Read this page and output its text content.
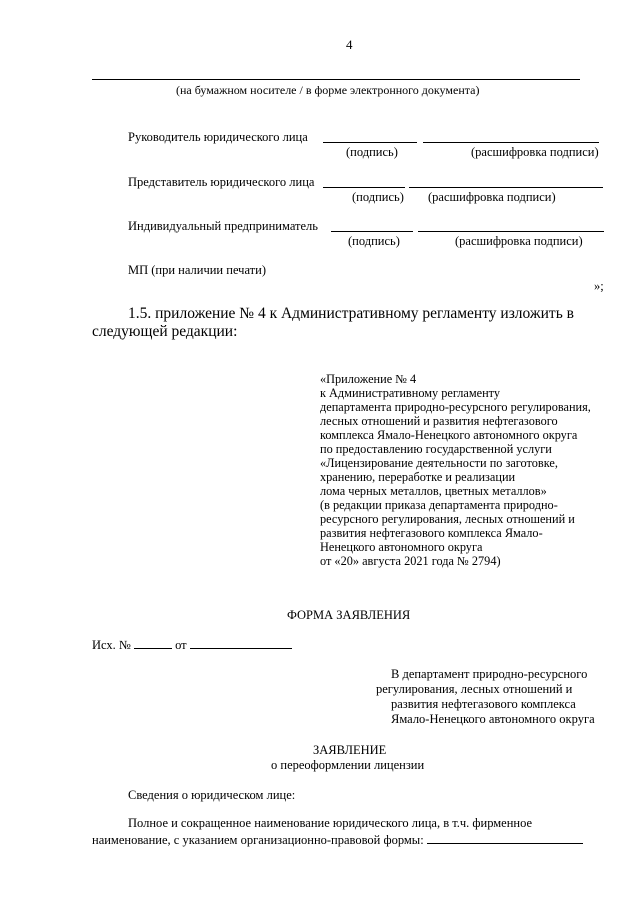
4
(на бумажном носителе / в форме электронного документа)
Руководитель юридического лица
(подпись)	(расшифровка подписи)
Представитель юридического лица
(подпись) (расшифровка подписи)
Индивидуальный предприниматель
(подпись)	(расшифровка подписи)
МП (при наличии печати)
»;
1.5. приложение № 4 к Административному регламенту изложить в
следующей редакции:
«Приложение № 4
к Административному регламенту
департамента природно-ресурсного регулирования,
лесных отношений и развития нефтегазового
комплекса Ямало-Ненецкого автономного округа
по предоставлению государственной услуги
«Лицензирование деятельности по заготовке,
хранению, переработке и реализации
лома черных металлов, цветных металлов»
(в редакции приказа департамента природно-
ресурсного регулирования, лесных отношений и
развития нефтегазового комплекса Ямало-
Ненецкого автономного округа
от «20» августа 2021 года № 2794)
ФОРМА ЗАЯВЛЕНИЯ
Исх. №	от
В департамент природно-ресурсного
регулирования, лесных отношений и
развития нефтегазового комплекса
Ямало-Ненецкого автономного округа
ЗАЯВЛЕНИЕ
о переоформлении лицензии
Сведения о юридическом лице:
Полное и сокращенное наименование юридического лица, в т.ч. фирменное
наименование, с указанием организационно-правовой формы:
